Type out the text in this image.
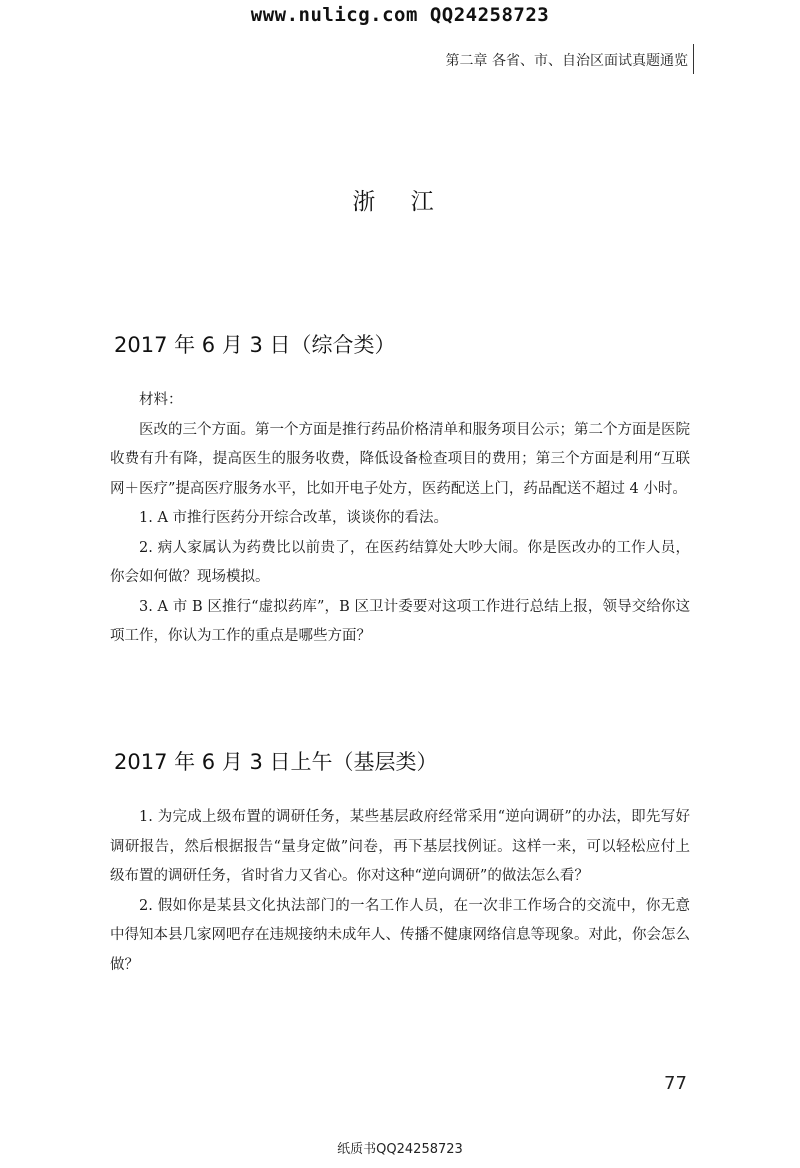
www.nulicg.com QQ24258723
第二章 各省、市、自治区面试真题通览
浙 江
2017 年 6 月 3 日（综合类）

材料：

医改的三个方面。第一个方面是推行药品价格清单和服务项目公示；第二个方面是医院收费有升有降，提高医生的服务收费，降低设备检查项目的费用；第三个方面是利用“互联网＋医疗”提高医疗服务水平，比如开电子处方，医药配送上门，药品配送不超过 4 小时。

1. A 市推行医药分开综合改革，谈谈你的看法。

2. 病人家属认为药费比以前贵了，在医药结算处大吵大闹。你是医改办的工作人员，你会如何做？现场模拟。

3. A 市 B 区推行“虚拟药库”，B 区卫计委要对这项工作进行总结上报，领导交给你这项工作，你认为工作的重点是哪些方面？

2017 年 6 月 3 日上午（基层类）

1. 为完成上级布置的调研任务，某些基层政府经常采用“逆向调研”的办法，即先写好调研报告，然后根据报告“量身定做”问卷，再下基层找例证。这样一来，可以轻松应付上级布置的调研任务，省时省力又省心。你对这种“逆向调研”的做法怎么看？

2. 假如你是某县文化执法部门的一名工作人员，在一次非工作场合的交流中，你无意中得知本县几家网吧存在违规接纳未成年人、传播不健康网络信息等现象。对此，你会怎么做？

77
纸质书QQ24258723
